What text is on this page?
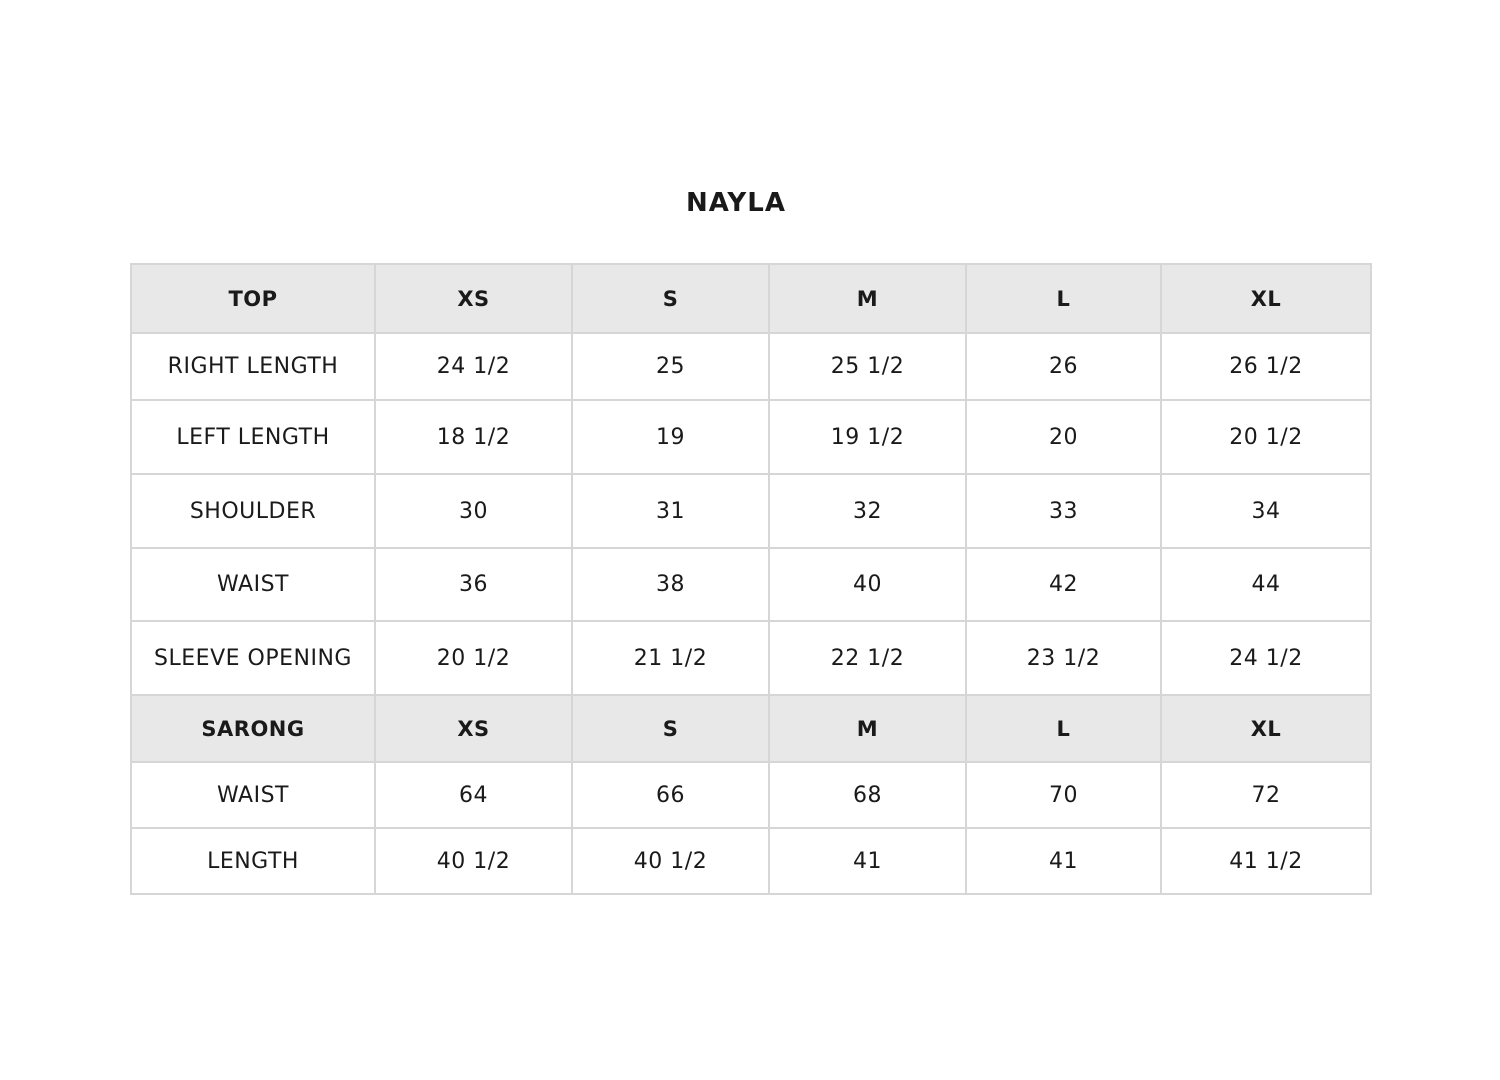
NAYLA
TOP	XS	S	M	L	XL
RIGHT LENGTH	24 1/2	25	25 1/2	26	26 1/2
LEFT LENGTH	18 1/2	19	19 1/2	20	20 1/2
SHOULDER	30	31	32	33	34
WAIST	36	38	40	42	44
SLEEVE OPENING	20 1/2	21 1/2	22 1/2	23 1/2	24 1/2
SARONG	XS	S	M	L	XL
WAIST	64	66	68	70	72
LENGTH	40 1/2	40 1/2	41	41	41 1/2
